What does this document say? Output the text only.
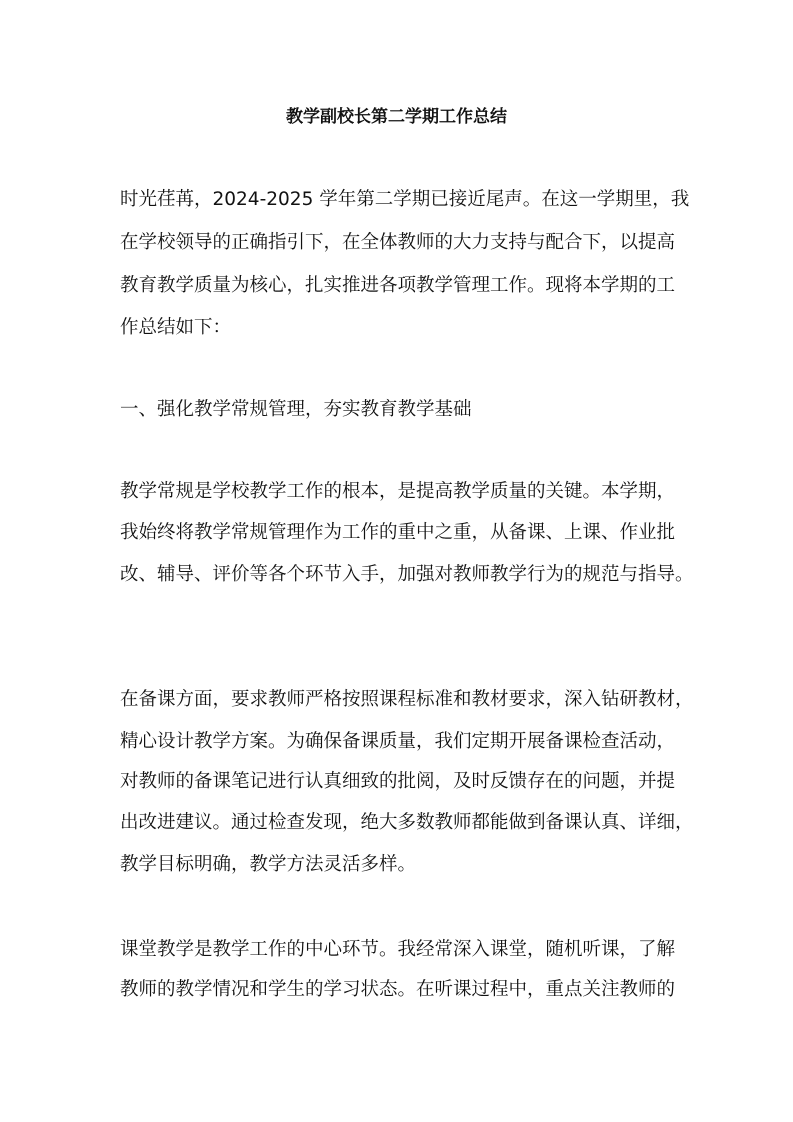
教学副校长第二学期工作总结
时光荏苒，2024-2025 学年第二学期已接近尾声。在这一学期里，我
在学校领导的正确指引下，在全体教师的大力支持与配合下，以提高
教育教学质量为核心，扎实推进各项教学管理工作。现将本学期的工
作总结如下：
一、强化教学常规管理，夯实教育教学基础
教学常规是学校教学工作的根本，是提高教学质量的关键。本学期，
我始终将教学常规管理作为工作的重中之重，从备课、上课、作业批
改、辅导、评价等各个环节入手，加强对教师教学行为的规范与指导。
在备课方面，要求教师严格按照课程标准和教材要求，深入钻研教材，
精心设计教学方案。为确保备课质量，我们定期开展备课检查活动，
对教师的备课笔记进行认真细致的批阅，及时反馈存在的问题，并提
出改进建议。通过检查发现，绝大多数教师都能做到备课认真、详细，
教学目标明确，教学方法灵活多样。
课堂教学是教学工作的中心环节。我经常深入课堂，随机听课，了解
教师的教学情况和学生的学习状态。在听课过程中，重点关注教师的
